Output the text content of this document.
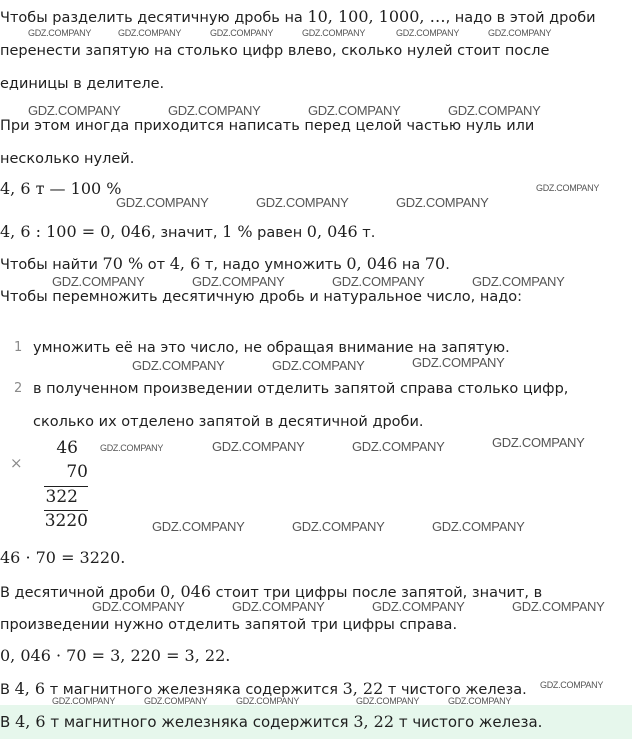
Чтобы разделить десятичную дробь на 10, 100, 1000, …, надо в этой дроби
перенести запятую на столько цифр влево, сколько нулей стоит после
единицы в делителе.
При этом иногда приходится написать перед целой частью нуль или
несколько нулей.
4, 6 т — 100 %
4, 6 : 100 = 0, 046, значит, 1 % равен 0, 046 т.
Чтобы найти 70 % от 4, 6 т, надо умножить 0, 046 на 70.
Чтобы перемножить десятичную дробь и натуральное число, надо:
1 умножить её на это число, не обращая внимание на запятую.
2 в полученном произведении отделить запятой справа столько цифр,
сколько их отделено запятой в десятичной дроби.
×
46
70
322
3220
46 · 70 = 3220.
В десятичной дроби 0, 046 стоит три цифры после запятой, значит, в
произведении нужно отделить запятой три цифры справа.
0, 046 · 70 = 3, 220 = 3, 22.
В 4, 6 т магнитного железняка содержится 3, 22 т чистого железа.
В 4, 6 т магнитного железняка содержится 3, 22 т чистого железа.
GDZ.COMPANY	GDZ.COMPANY	GDZ.COMPANY	GDZ.COMPANY	GDZ.COMPANY	GDZ.COMPANY
GDZ.COMPANY	GDZ.COMPANY	GDZ.COMPANY	GDZ.COMPANY
GDZ.COMPANY
GDZ.COMPANY	GDZ.COMPANY	GDZ.COMPANY
GDZ.COMPANY	GDZ.COMPANY	GDZ.COMPANY	GDZ.COMPANY
GDZ.COMPANY	GDZ.COMPANY	GDZ.COMPANY
GDZ.COMPANY	GDZ.COMPANY	GDZ.COMPANY	GDZ.COMPANY
GDZ.COMPANY	GDZ.COMPANY	GDZ.COMPANY
GDZ.COMPANY	GDZ.COMPANY	GDZ.COMPANY	GDZ.COMPANY
GDZ.COMPANY
GDZ.COMPANY	GDZ.COMPANY	GDZ.COMPANY	GDZ.COMPANY	GDZ.COMPANY
